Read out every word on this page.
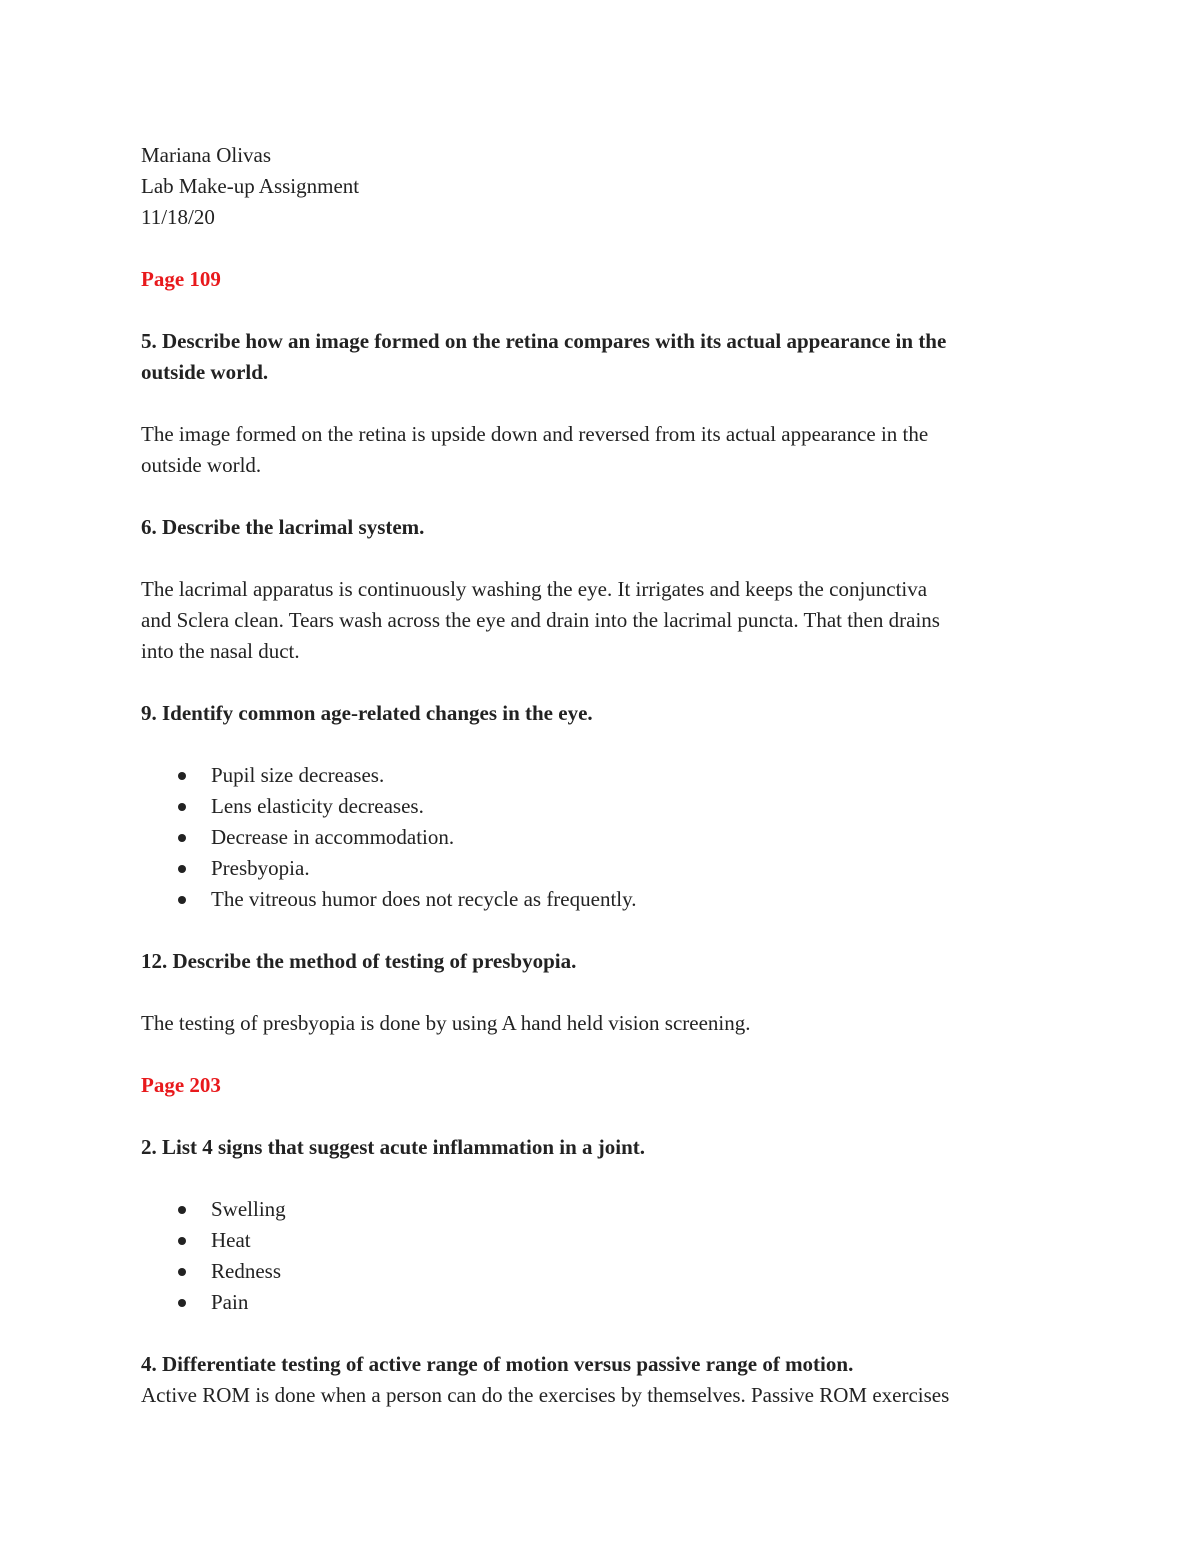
Mariana Olivas

Lab Make-up Assignment

11/18/20

Page 109

5. Describe how an image formed on the retina compares with its actual appearance in the

outside world.

The image formed on the retina is upside down and reversed from its actual appearance in the

outside world.

6. Describe the lacrimal system.

The lacrimal apparatus is continuously washing the eye. It irrigates and keeps the conjunctiva

and Sclera clean. Tears wash across the eye and drain into the lacrimal puncta. That then drains

into the nasal duct.

9. Identify common age-related changes in the eye.

Pupil size decreases.
Lens elasticity decreases.
Decrease in accommodation.
Presbyopia.
The vitreous humor does not recycle as frequently.

12. Describe the method of testing of presbyopia.

The testing of presbyopia is done by using A hand held vision screening.

Page 203

2. List 4 signs that suggest acute inflammation in a joint.

Swelling
Heat
Redness
Pain

4. Differentiate testing of active range of motion versus passive range of motion.

Active ROM is done when a person can do the exercises by themselves. Passive ROM exercises
